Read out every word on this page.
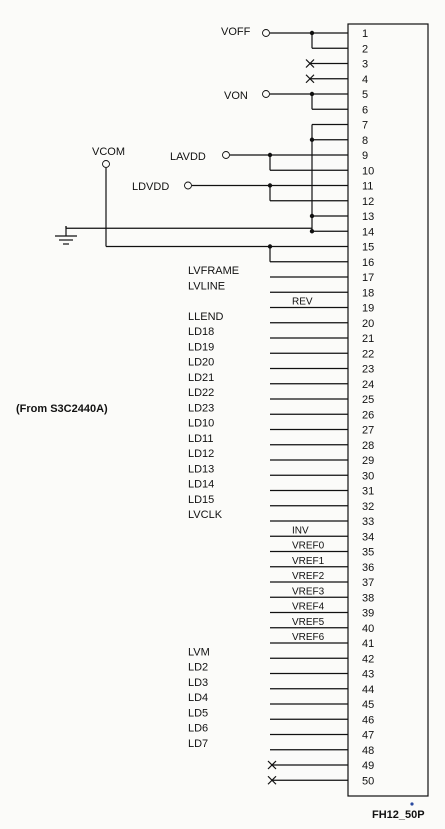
1
2
3
4
5
6
7
8
9
10
11
12
13
14
15
16
17
18
19
20
21
22
23
24
25
26
27
28
29
30
31
32
33
34
35
36
37
38
39
40
41
42
43
44
45
46
47
48
49
50
LVFRAME
LVLINE
LLEND
LD18
LD19
LD20
LD21
LD22
LD23
LD10
LD11
LD12
LD13
LD14
LD15
LVCLK
LVM
LD2
LD3
LD4
LD5
LD6
LD7
REV
INV
VREF0
VREF1
VREF2
VREF3
VREF4
VREF5
VREF6
VOFF
VON
LAVDD
LDVDD
VCOM
(From S3C2440A)
FH12_50P
